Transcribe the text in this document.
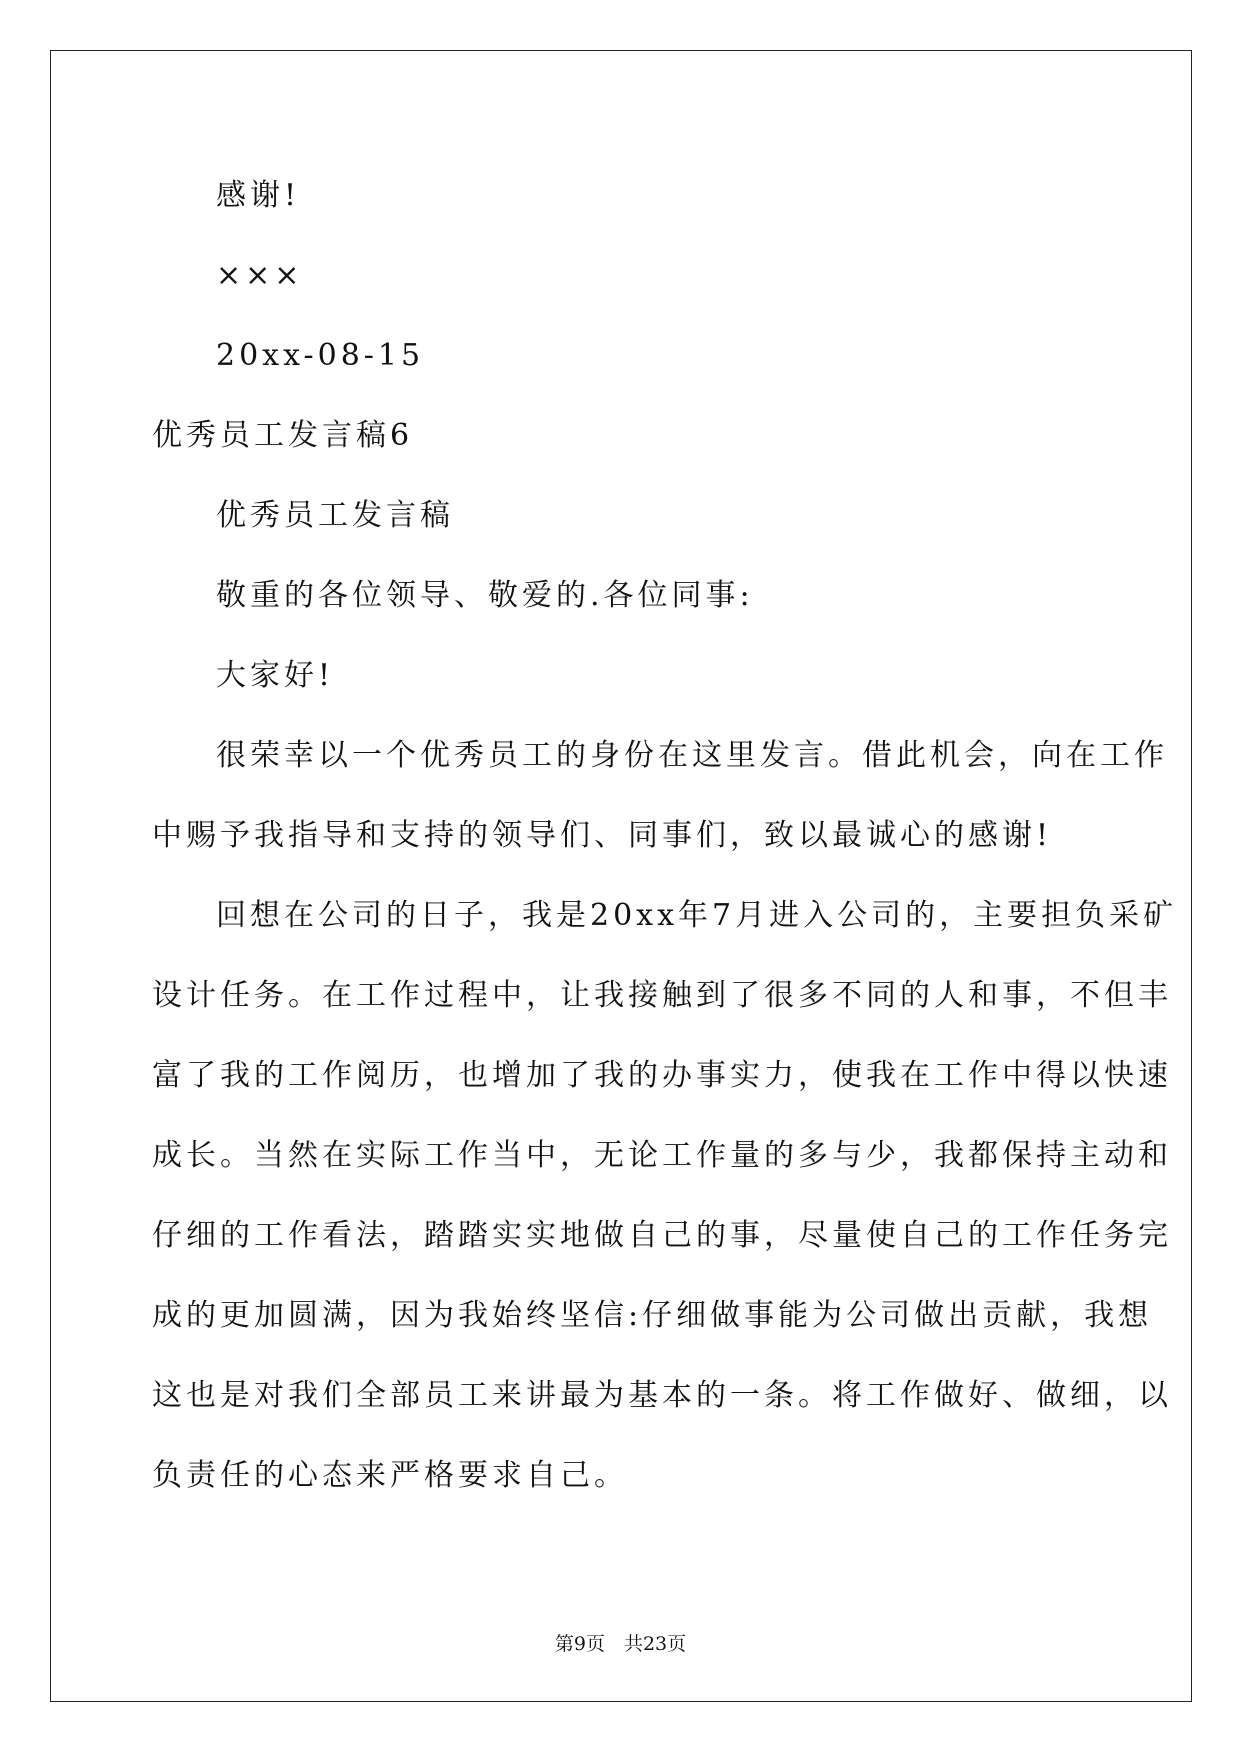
感谢!
×××
20xx-08-15
优秀员工发言稿6
优秀员工发言稿
敬重的各位领导、敬爱的.各位同事:
大家好!
很荣幸以一个优秀员工的身份在这里发言。借此机会，向在工作
中赐予我指导和支持的领导们、同事们，致以最诚心的感谢!
回想在公司的日子，我是20xx年7月进入公司的，主要担负采矿
设计任务。在工作过程中，让我接触到了很多不同的人和事，不但丰
富了我的工作阅历，也增加了我的办事实力，使我在工作中得以快速
成长。当然在实际工作当中，无论工作量的多与少，我都保持主动和
仔细的工作看法，踏踏实实地做自己的事，尽量使自己的工作任务完
成的更加圆满，因为我始终坚信:仔细做事能为公司做出贡献，我想
这也是对我们全部员工来讲最为基本的一条。将工作做好、做细，以
负责任的心态来严格要求自己。
第9页　共23页
